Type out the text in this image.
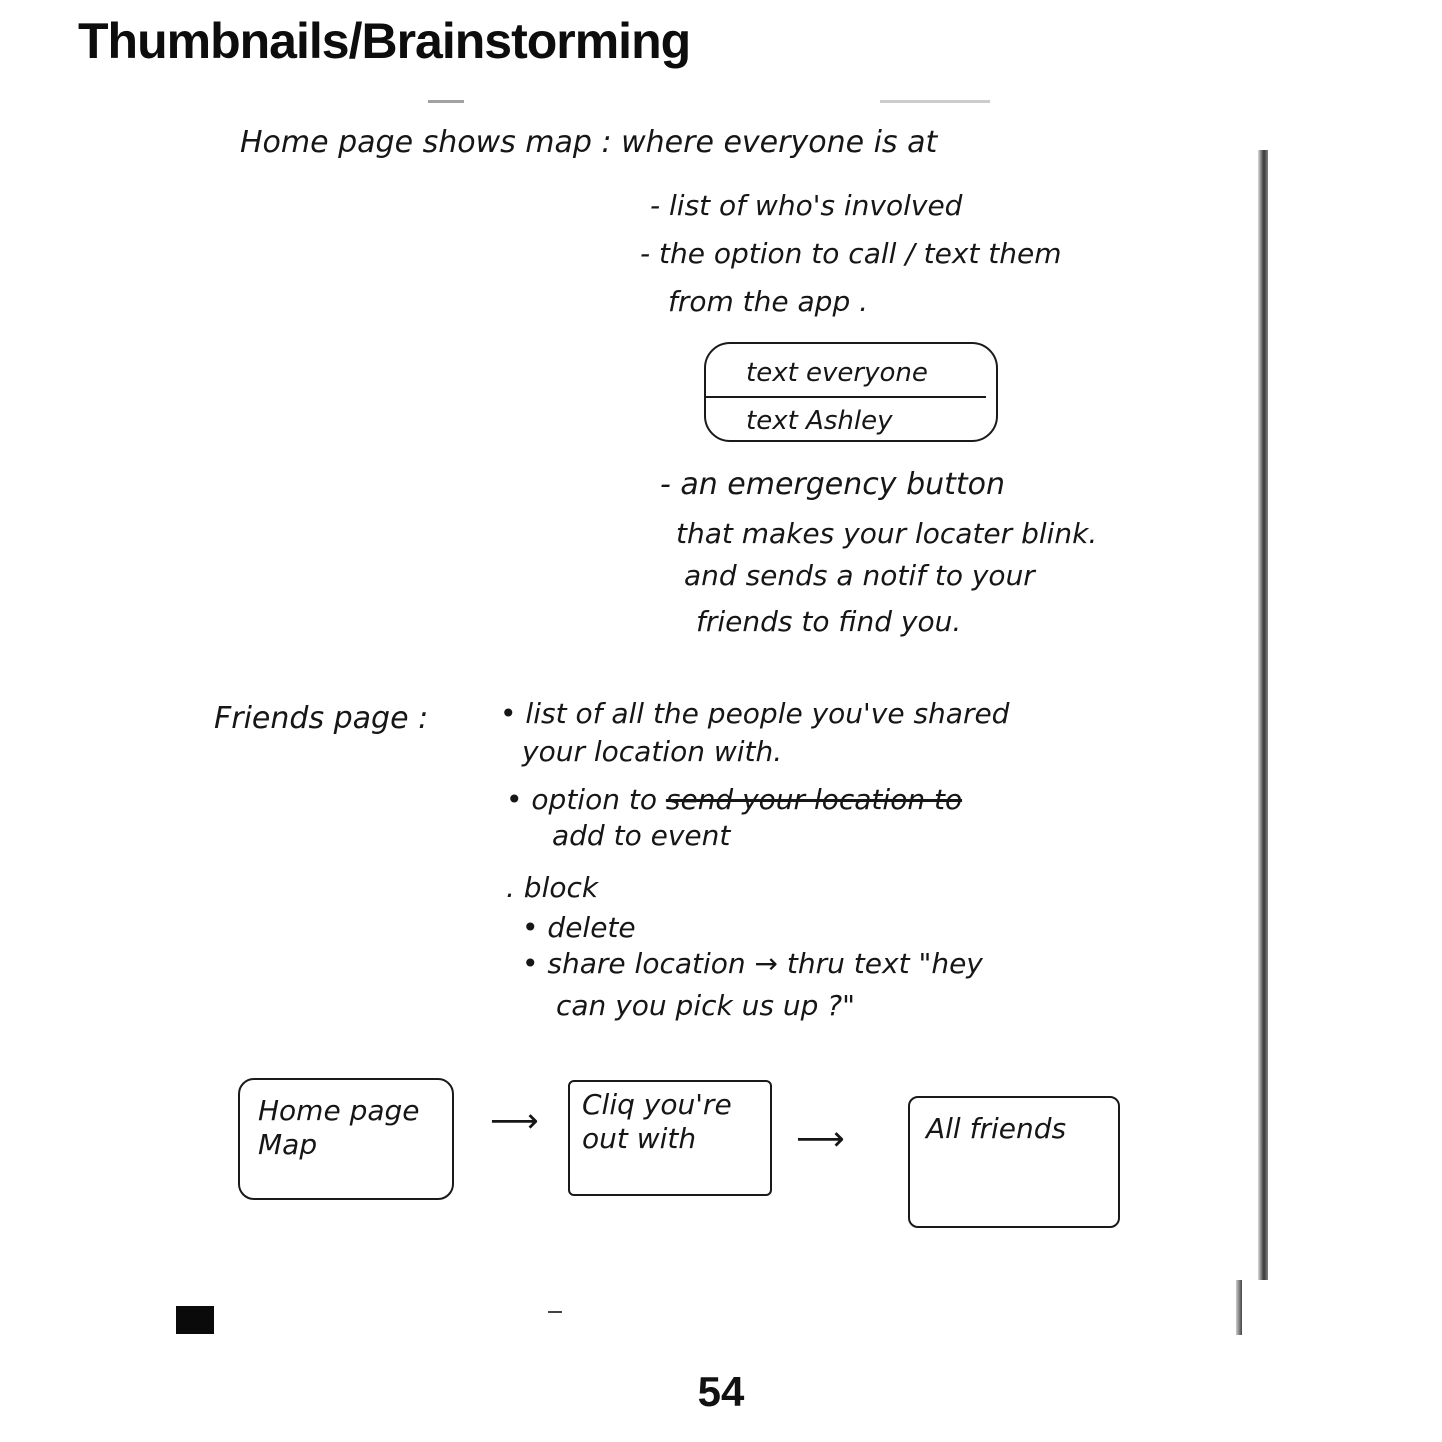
Thumbnails/Brainstorming

Home page shows map : where everyone is at

- list of who's involved

- the option to call / text them

from the app .

text everyone
text Ashley

- an emergency button

that makes your locater blink.

and sends a notif to your

friends to find you.

Friends page :	• list of all the people you've shared

your location with.

• option to send your location to

add to event

. block

• delete

• share location → thru text "hey

can you pick us up ?"

Home page
Map
⟶ Cliq you're
out with	⟶	All friends

54
